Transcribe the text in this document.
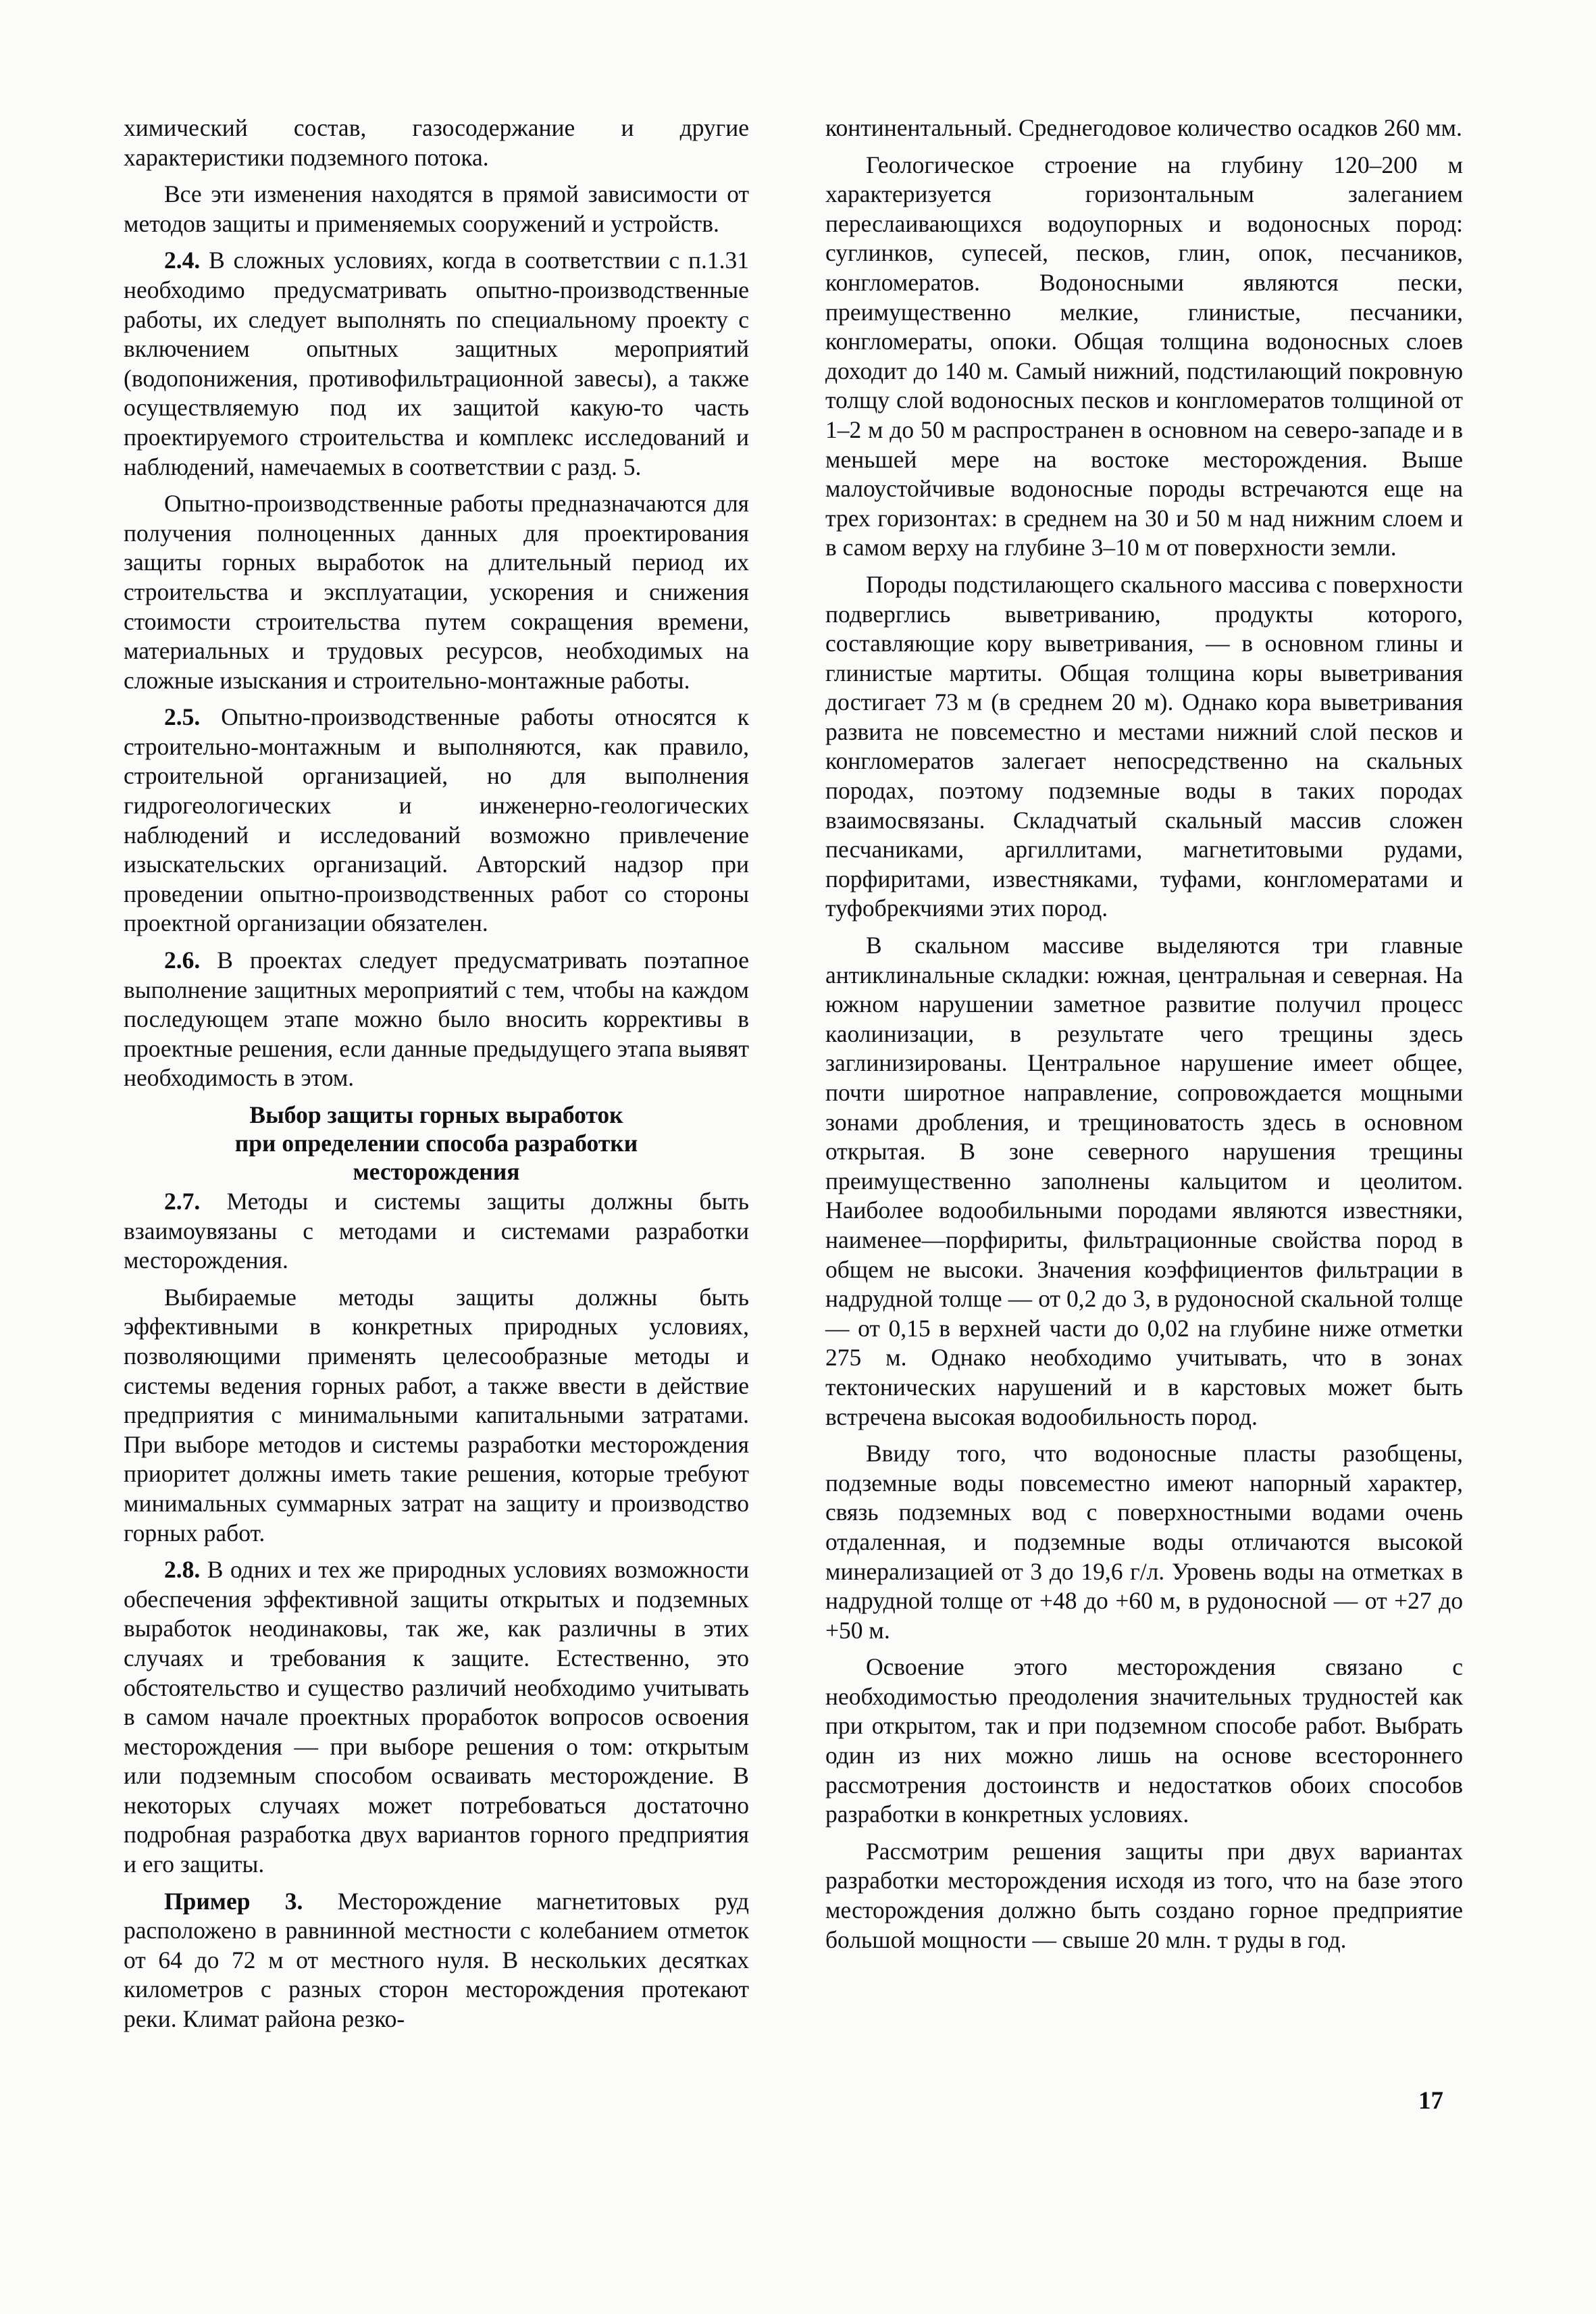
химический состав, газосодержание и другие характеристики подземного потока.

Все эти изменения находятся в прямой зависимости от методов защиты и применяемых сооружений и устройств.

2.4. В сложных условиях, когда в соответствии с п.1.31 необходимо предусматривать опытно-производственные работы, их следует выполнять по специальному проекту с включением опытных защитных мероприятий (водопонижения, противофильтрационной завесы), а также осуществляемую под их защитой какую-то часть проектируемого строительства и комплекс исследований и наблюдений, намечаемых в соответствии с разд. 5.

Опытно-производственные работы предназначаются для получения полноценных данных для проектирования защиты горных выработок на длительный период их строительства и эксплуатации, ускорения и снижения стоимости строительства путем сокращения времени, материальных и трудовых ресурсов, необходимых на сложные изыскания и строительно-монтажные работы.

2.5. Опытно-производственные работы относятся к строительно-монтажным и выполняются, как правило, строительной организацией, но для выполнения гидрогеологических и инженерно-геологических наблюдений и исследований возможно привлечение изыскательских организаций. Авторский надзор при проведении опытно-производственных работ со стороны проектной организации обязателен.

2.6. В проектах следует предусматривать поэтапное выполнение защитных мероприятий с тем, чтобы на каждом последующем этапе можно было вносить коррективы в проектные решения, если данные предыдущего этапа выявят необходимость в этом.

Выбор защиты горных выработок
при определении способа разработки
месторождения

2.7. Методы и системы защиты должны быть взаимоувязаны с методами и системами разработки месторождения.

Выбираемые методы защиты должны быть эффективными в конкретных природных условиях, позволяющими применять целесообразные методы и системы ведения горных работ, а также ввести в действие предприятия с минимальными капитальными затратами. При выборе методов и системы разработки месторождения приоритет должны иметь такие решения, которые требуют минимальных суммарных затрат на защиту и производство горных работ.

2.8. В одних и тех же природных условиях возможности обеспечения эффективной защиты открытых и подземных выработок неодинаковы, так же, как различны в этих случаях и требования к защите. Естественно, это обстоятельство и существо различий необходимо учитывать в самом начале проектных проработок вопросов освоения месторождения — при выборе решения о том: открытым или подземным способом осваивать месторождение. В некоторых случаях может потребоваться достаточно подробная разработка двух вариантов горного предприятия и его защиты.

Пример 3. Месторождение магнетитовых руд расположено в равнинной местности с колебанием отметок от 64 до 72 м от местного нуля. В нескольких десятках километров с разных сторон месторождения протекают реки. Климат района резко-

континентальный. Среднегодовое количество осадков 260 мм.

Геологическое строение на глубину 120–200 м характеризуется горизонтальным залеганием переслаивающихся водоупорных и водоносных пород: суглинков, супесей, песков, глин, опок, песчаников, конгломератов. Водоносными являются пески, преимущественно мелкие, глинистые, песчаники, конгломераты, опоки. Общая толщина водоносных слоев доходит до 140 м. Самый нижний, подстилающий покровную толщу слой водоносных песков и конгломератов толщиной от 1–2 м до 50 м распространен в основном на северо-западе и в меньшей мере на востоке месторождения. Выше малоустойчивые водоносные породы встречаются еще на трех горизонтах: в среднем на 30 и 50 м над нижним слоем и в самом верху на глубине 3–10 м от поверхности земли.

Породы подстилающего скального массива с поверхности подверглись выветриванию, продукты которого, составляющие кору выветривания, — в основном глины и глинистые мартиты. Общая толщина коры выветривания достигает 73 м (в среднем 20 м). Однако кора выветривания развита не повсеместно и местами нижний слой песков и конгломератов залегает непосредственно на скальных породах, поэтому подземные воды в таких породах взаимосвязаны. Складчатый скальный массив сложен песчаниками, аргиллитами, магнетитовыми рудами, порфиритами, известняками, туфами, конгломератами и туфобрекчиями этих пород.

В скальном массиве выделяются три главные антиклинальные складки: южная, центральная и северная. На южном нарушении заметное развитие получил процесс каолинизации, в результате чего трещины здесь заглинизированы. Центральное нарушение имеет общее, почти широтное направление, сопровождается мощными зонами дробления, и трещиноватость здесь в основном открытая. В зоне северного нарушения трещины преимущественно заполнены кальцитом и цеолитом. Наиболее водообильными породами являются известняки, наименее—порфириты, фильтрационные свойства пород в общем не высоки. Значения коэффициентов фильтрации в надрудной толще — от 0,2 до 3, в рудоносной скальной толще — от 0,15 в верхней части до 0,02 на глубине ниже отметки 275 м. Однако необходимо учитывать, что в зонах тектонических нарушений и в карстовых может быть встречена высокая водообильность пород.

Ввиду того, что водоносные пласты разобщены, подземные воды повсеместно имеют напорный характер, связь подземных вод с поверхностными водами очень отдаленная, и подземные воды отличаются высокой минерализацией от 3 до 19,6 г/л. Уровень воды на отметках в надрудной толще от +48 до +60 м, в рудоносной — от +27 до +50 м.

Освоение этого месторождения связано с необходимостью преодоления значительных трудностей как при открытом, так и при подземном способе работ. Выбрать один из них можно лишь на основе всестороннего рассмотрения достоинств и недостатков обоих способов разработки в конкретных условиях.

Рассмотрим решения защиты при двух вариантах разработки месторождения исходя из того, что на базе этого месторождения должно быть создано горное предприятие большой мощности — свыше 20 млн. т руды в год.

17
